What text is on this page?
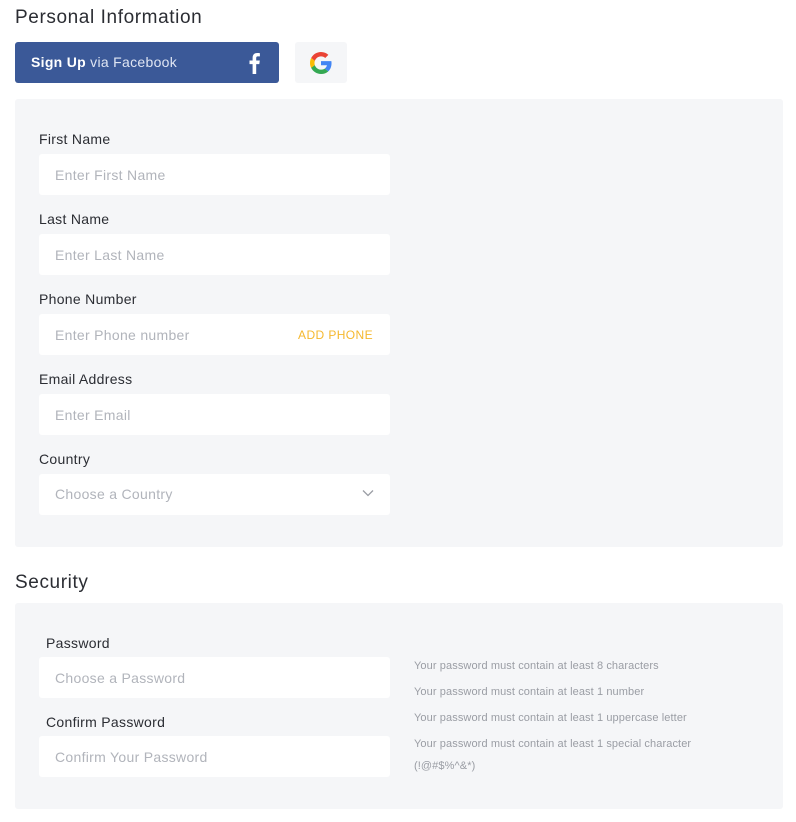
Personal Information
Sign Up via Facebook
First Name
Enter First Name
Last Name
Enter Last Name
Phone Number
Enter Phone number
ADD PHONE
Email Address
Enter Email
Country
Choose a Country
Security
Password
Confirm Password
Your password must contain at least 8 characters
Your password must contain at least 1 number
Your password must contain at least 1 uppercase letter
Your password must contain at least 1 special character (!@#$%^&*)
